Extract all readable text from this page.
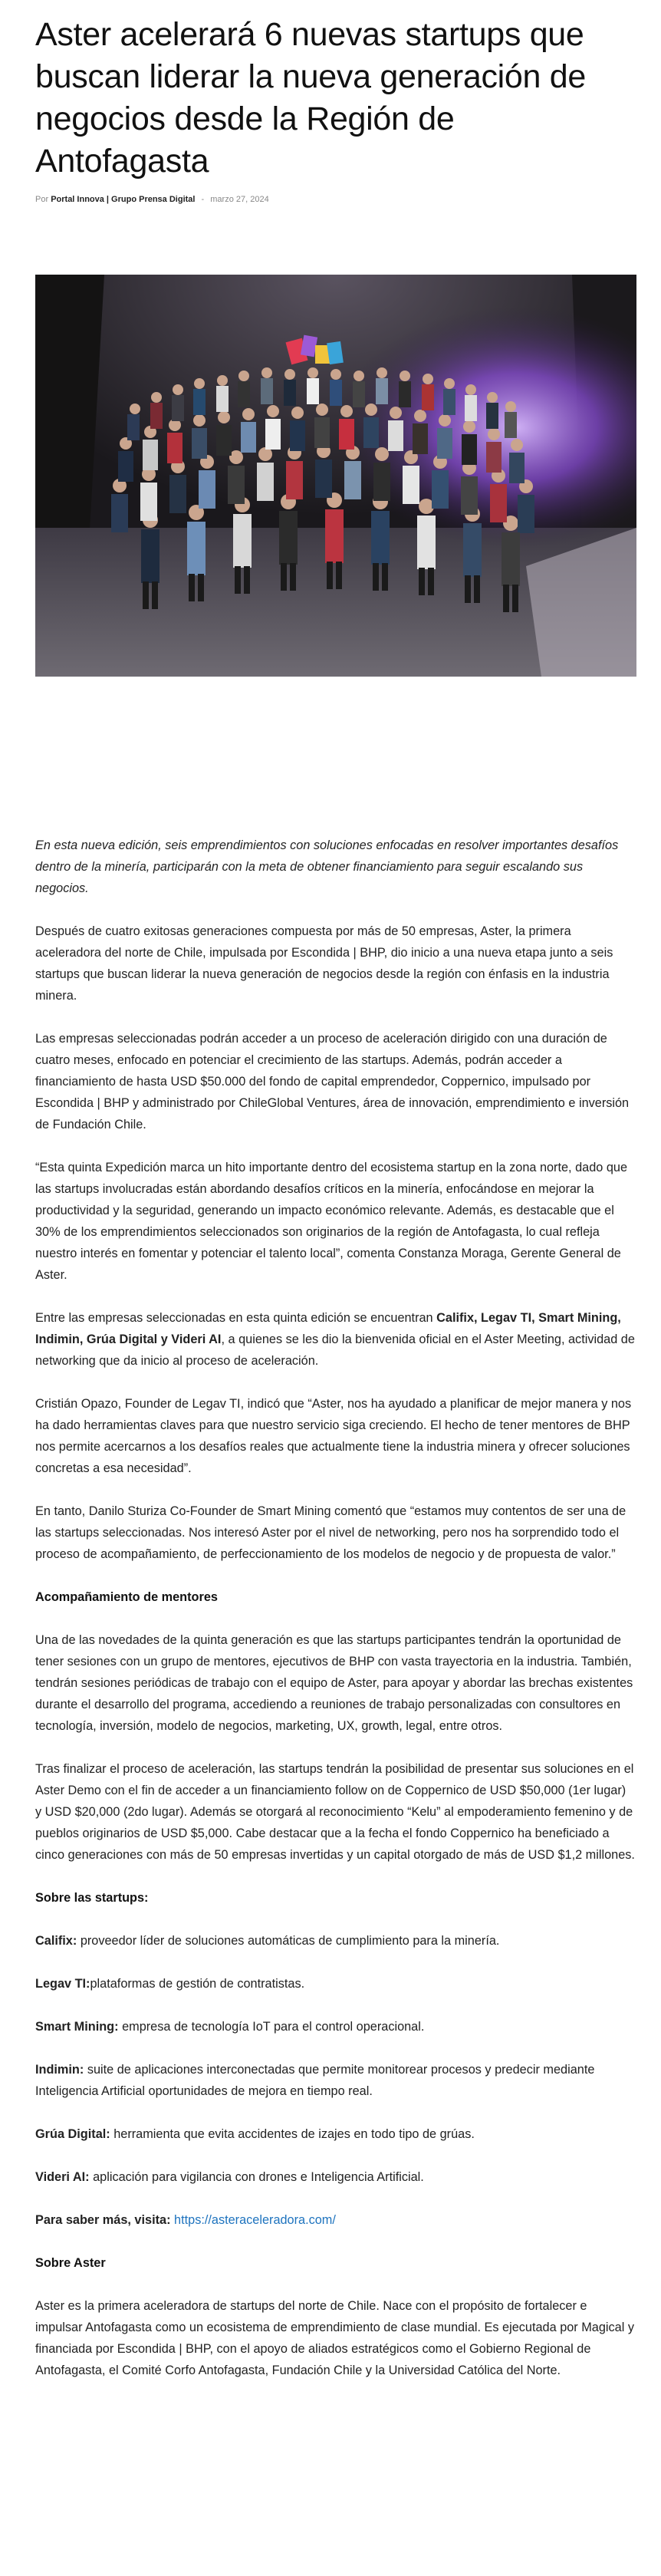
Aster acelerará 6 nuevas startups que buscan liderar la nueva generación de negocios desde la Región de Antofagasta
Por Portal Innova | Grupo Prensa Digital - marzo 27, 2024

En esta nueva edición, seis emprendimientos con soluciones enfocadas en resolver importantes desafíos dentro de la minería, participarán con la meta de obtener financiamiento para seguir escalando sus negocios.

Después de cuatro exitosas generaciones compuesta por más de 50 empresas, Aster, la primera aceleradora del norte de Chile, impulsada por Escondida | BHP, dio inicio a una nueva etapa junto a seis startups que buscan liderar la nueva generación de negocios desde la región con énfasis en la industria minera.

Las empresas seleccionadas podrán acceder a un proceso de aceleración dirigido con una duración de cuatro meses, enfocado en potenciar el crecimiento de las startups. Además, podrán acceder a financiamiento de hasta USD $50.000 del fondo de capital emprendedor, Coppernico, impulsado por Escondida | BHP y administrado por ChileGlobal Ventures, área de innovación, emprendimiento e inversión de Fundación Chile.

“Esta quinta Expedición marca un hito importante dentro del ecosistema startup en la zona norte, dado que las startups involucradas están abordando desafíos críticos en la minería, enfocándose en mejorar la productividad y la seguridad, generando un impacto económico relevante. Además, es destacable que el 30% de los emprendimientos seleccionados son originarios de la región de Antofagasta, lo cual refleja nuestro interés en fomentar y potenciar el talento local”, comenta Constanza Moraga, Gerente General de Aster.

Entre las empresas seleccionadas en esta quinta edición se encuentran Califix, Legav TI, Smart Mining, Indimin, Grúa Digital y Videri AI, a quienes se les dio la bienvenida oficial en el Aster Meeting, actividad de networking que da inicio al proceso de aceleración.

Cristián Opazo, Founder de Legav TI, indicó que “Aster, nos ha ayudado a planificar de mejor manera y nos ha dado herramientas claves para que nuestro servicio siga creciendo. El hecho de tener mentores de BHP nos permite acercarnos a los desafíos reales que actualmente tiene la industria minera y ofrecer soluciones concretas a esa necesidad”.

En tanto, Danilo Sturiza Co-Founder de Smart Mining comentó que “estamos muy contentos de ser una de las startups seleccionadas. Nos interesó Aster por el nivel de networking, pero nos ha sorprendido todo el proceso de acompañamiento, de perfeccionamiento de los modelos de negocio y de propuesta de valor.”

Acompañamiento de mentores

Una de las novedades de la quinta generación es que las startups participantes tendrán la oportunidad de tener sesiones con un grupo de mentores, ejecutivos de BHP con vasta trayectoria en la industria. También, tendrán sesiones periódicas de trabajo con el equipo de Aster, para apoyar y abordar las brechas existentes durante el desarrollo del programa, accediendo a reuniones de trabajo personalizadas con consultores en tecnología, inversión, modelo de negocios, marketing, UX, growth, legal, entre otros.

Tras finalizar el proceso de aceleración, las startups tendrán la posibilidad de presentar sus soluciones en el Aster Demo con el fin de acceder a un financiamiento follow on de Coppernico de USD $50,000 (1er lugar) y USD $20,000 (2do lugar). Además se otorgará al reconocimiento “Kelu” al empoderamiento femenino y de pueblos originarios de USD $5,000. Cabe destacar que a la fecha el fondo Coppernico ha beneficiado a cinco generaciones con más de 50 empresas invertidas y un capital otorgado de más de USD $1,2 millones.

Sobre las startups:

Califix: proveedor líder de soluciones automáticas de cumplimiento para la minería.

Legav TI:plataformas de gestión de contratistas.

Smart Mining: empresa de tecnología IoT para el control operacional.

Indimin: suite de aplicaciones interconectadas que permite monitorear procesos y predecir mediante Inteligencia Artificial oportunidades de mejora en tiempo real.

Grúa Digital: herramienta que evita accidentes de izajes en todo tipo de grúas.

Videri AI: aplicación para vigilancia con drones e Inteligencia Artificial.

Para saber más, visita: https://asteraceleradora.com/

Sobre Aster

Aster es la primera aceleradora de startups del norte de Chile. Nace con el propósito de fortalecer e impulsar Antofagasta como un ecosistema de emprendimiento de clase mundial. Es ejecutada por Magical y financiada por Escondida | BHP, con el apoyo de aliados estratégicos como el Gobierno Regional de Antofagasta, el Comité Corfo Antofagasta, Fundación Chile y la Universidad Católica del Norte.
